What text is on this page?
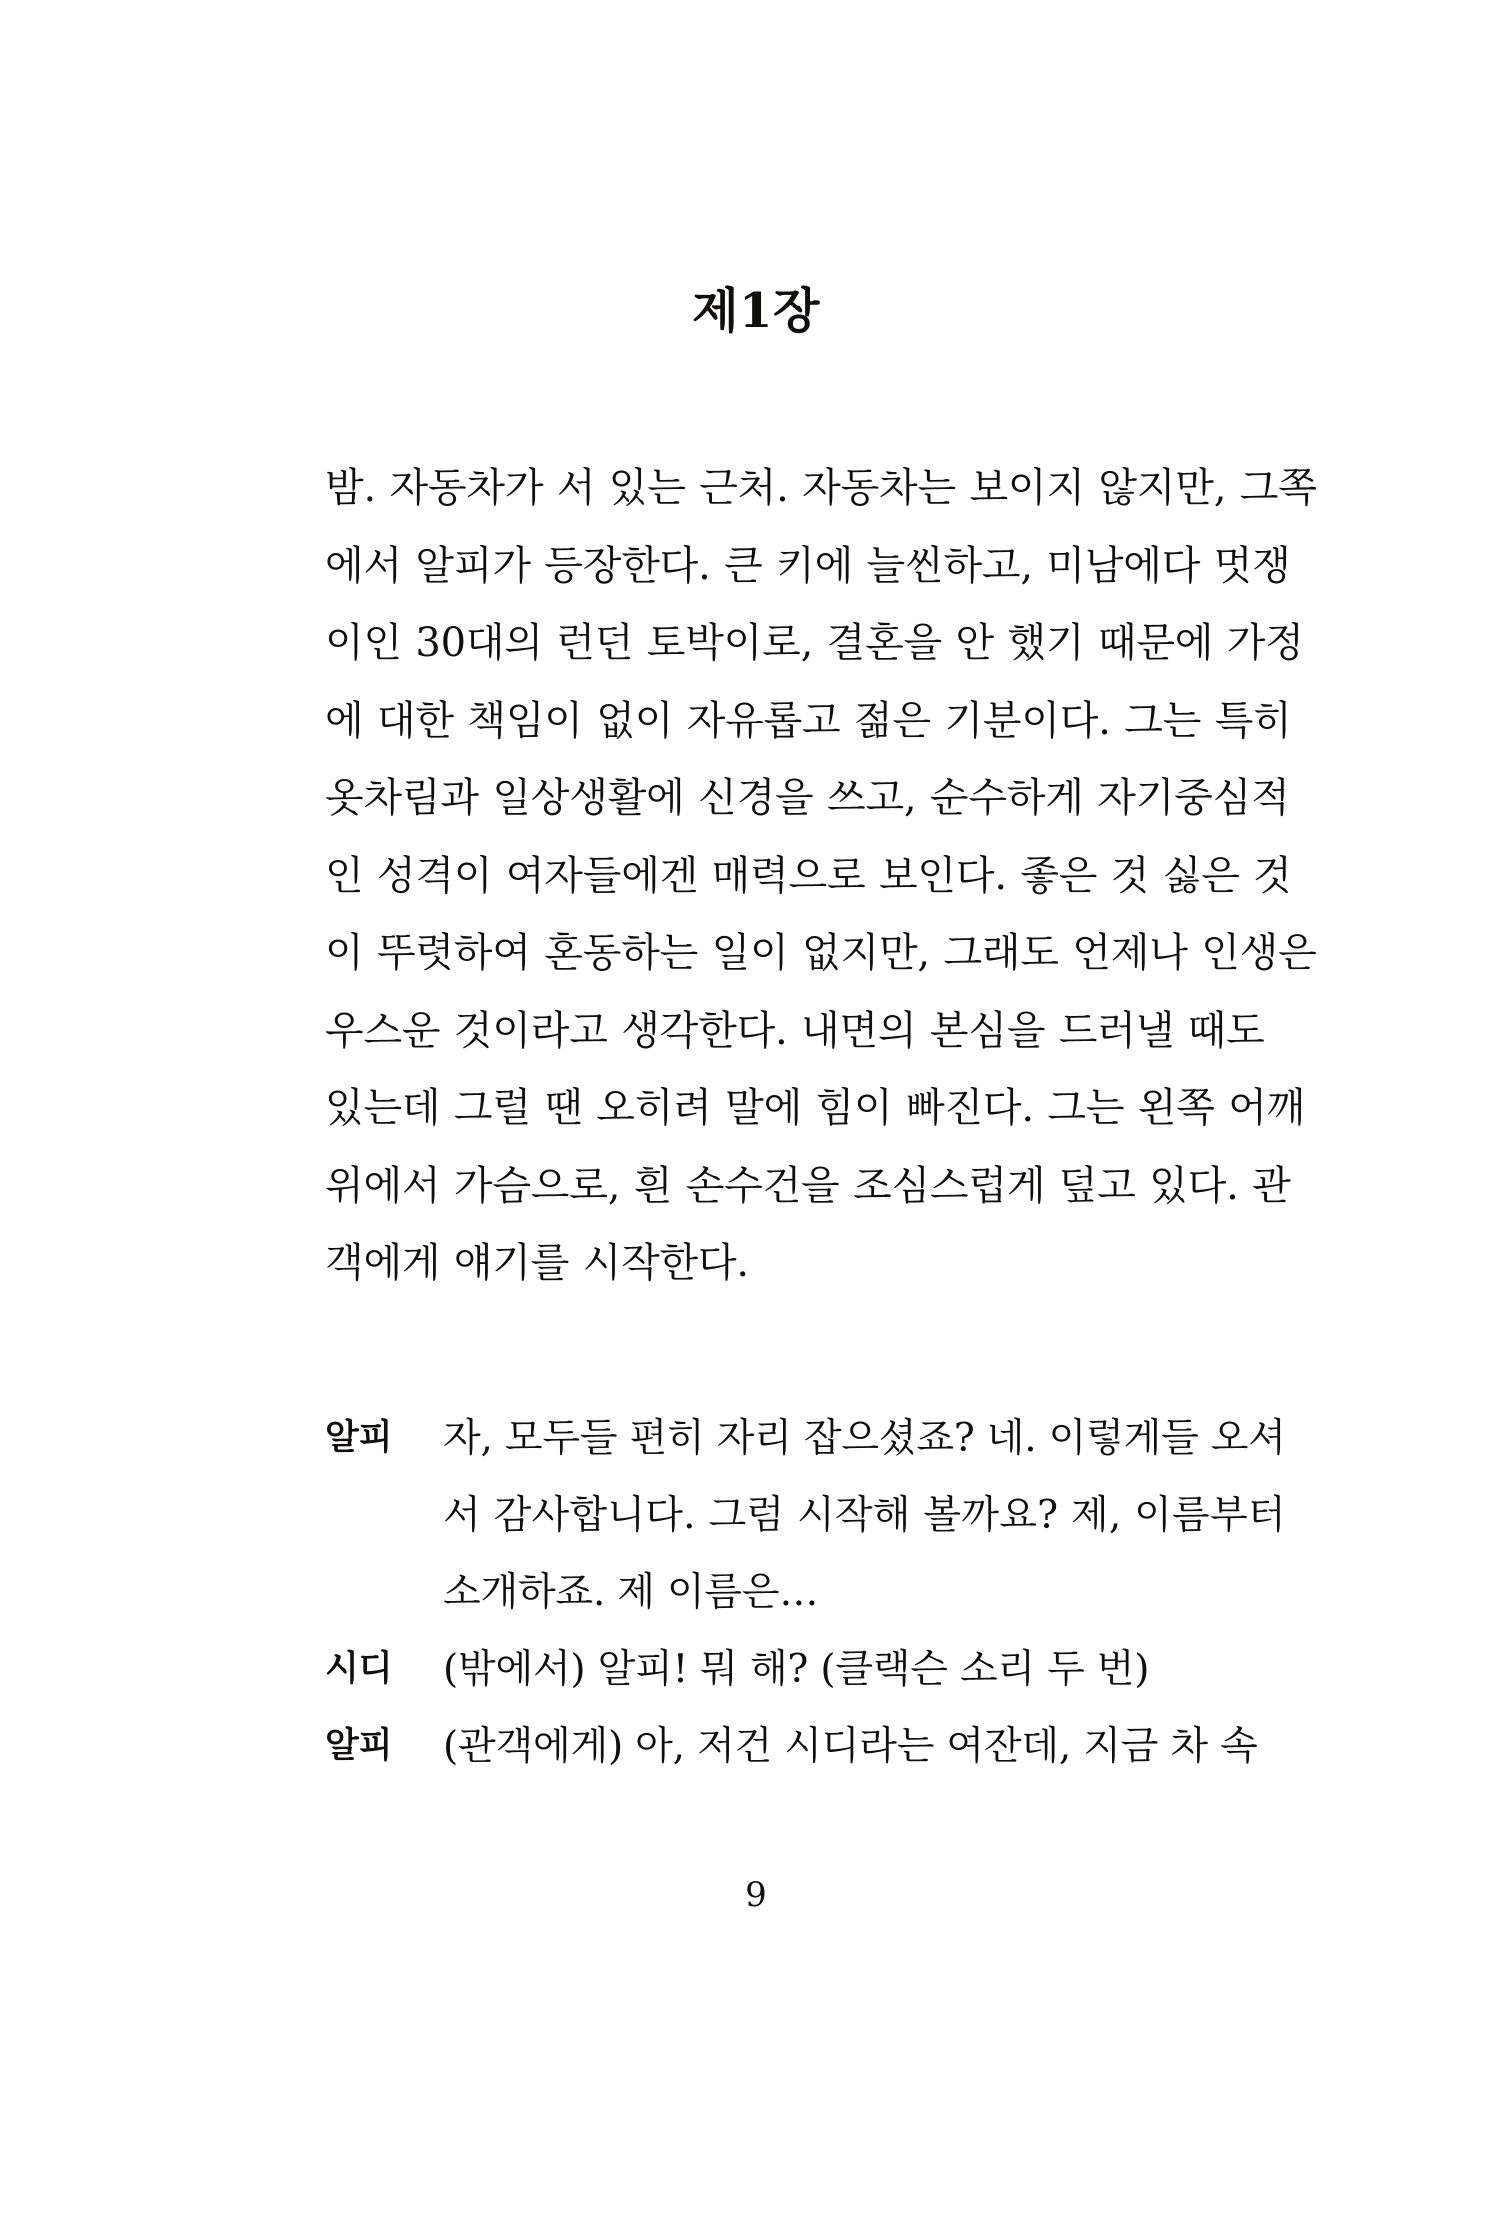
제1장

밤 .
자 동 차 가
서
있 는
근 처 .
자 동 차 는
보 이 지
않 지 만 ,
그 쪽
에 서
알 피 가
등 장 한 다 .
큰
키 에
늘 씬 하 고 ,
미 남 에 다
멋 쟁
이 인
3 0 대 의
런 던
토 박 이 로 ,
결 혼 을
안
했 기
때 문 에
가 정
에
대 한
책 임 이
없 이
자 유 롭 고
젊 은
기 분 이 다 .
그 는
특 히
옷 차 림 과
일 상 생 활 에
신 경 을
쓰 고 ,
순 수 하 게
자 기 중 심 적
인
성 격 이
여 자 들 에 겐
매 력 으 로
보 인 다 .
좋 은
것
싫 은
것
이
뚜 렷 하 여
혼 동 하 는
일 이
없 지 만 ,
그 래 도
언 제 나
인 생 은
우 스 운
것 이 라 고
생 각 한 다 .
내 면 의
본 심 을
드 러 낼
때 도
있 는 데
그 럴
땐
오 히 려
말 에
힘 이
빠 진 다 .
그 는
왼 쪽
어 깨
위 에 서
가 슴 으 로 ,
흰
손 수 건 을
조 심 스 럽 게
덮 고
있 다 .
관
객에게 얘기를 시작한다.

알피	자 ,
모 두 들
편 히
자 리
잡 으 셨 죠 ?
네 .
이 렇 게 들
오 셔
서
감 사 합 니 다 .
그 럼
시 작 해
볼 까 요 ?
제 ,
이 름 부 터
소개하죠. 제 이름은…
시디	(밖에서) 알피! 뭐 해? (클랙슨 소리 두 번)
알피	( 관 객 에 게 )
아 ,
저 건
시 디 라 는
여 잔 데 ,
지 금
차
속
9
